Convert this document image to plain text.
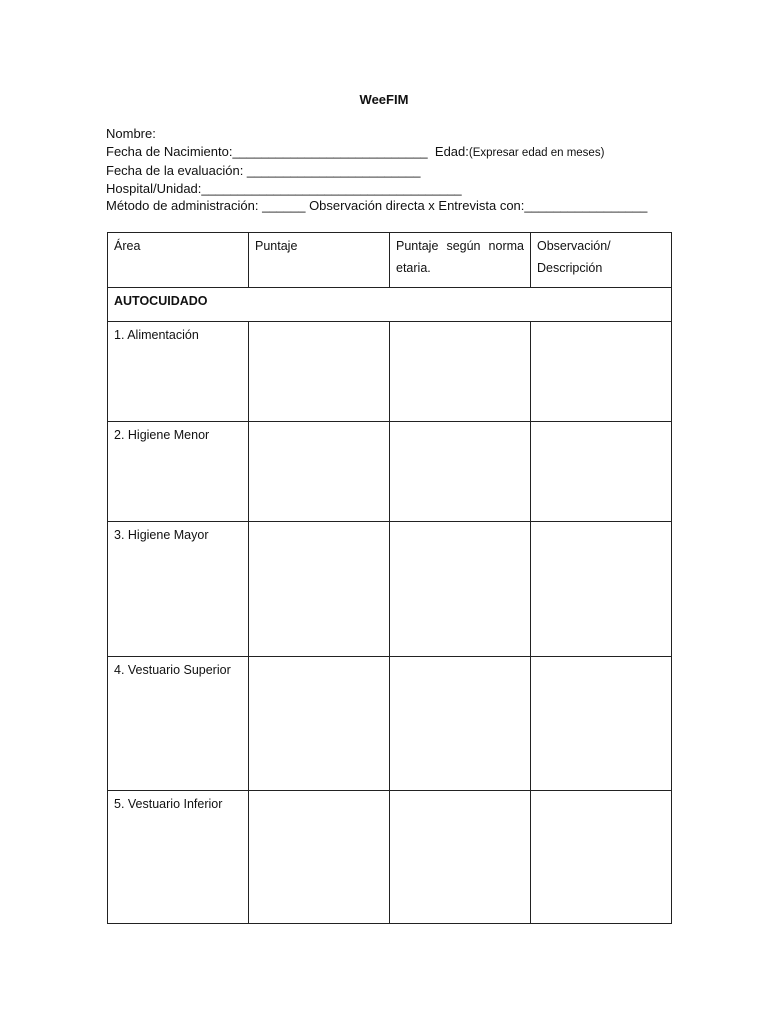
WeeFIM
Nombre:
Fecha de Nacimiento:___________________________ Edad:(Expresar edad en meses)
Fecha de la evaluación: ________________________
Hospital/Unidad:____________________________________
Método de administración: ______ Observación directa x Entrevista con:_________________
Área	Puntaje	Puntaje según norma etaria.	Observación/ Descripción
AUTOCUIDADO			
1. Alimentación			
2. Higiene Menor			
3. Higiene Mayor			
4. Vestuario Superior			
5. Vestuario Inferior			
